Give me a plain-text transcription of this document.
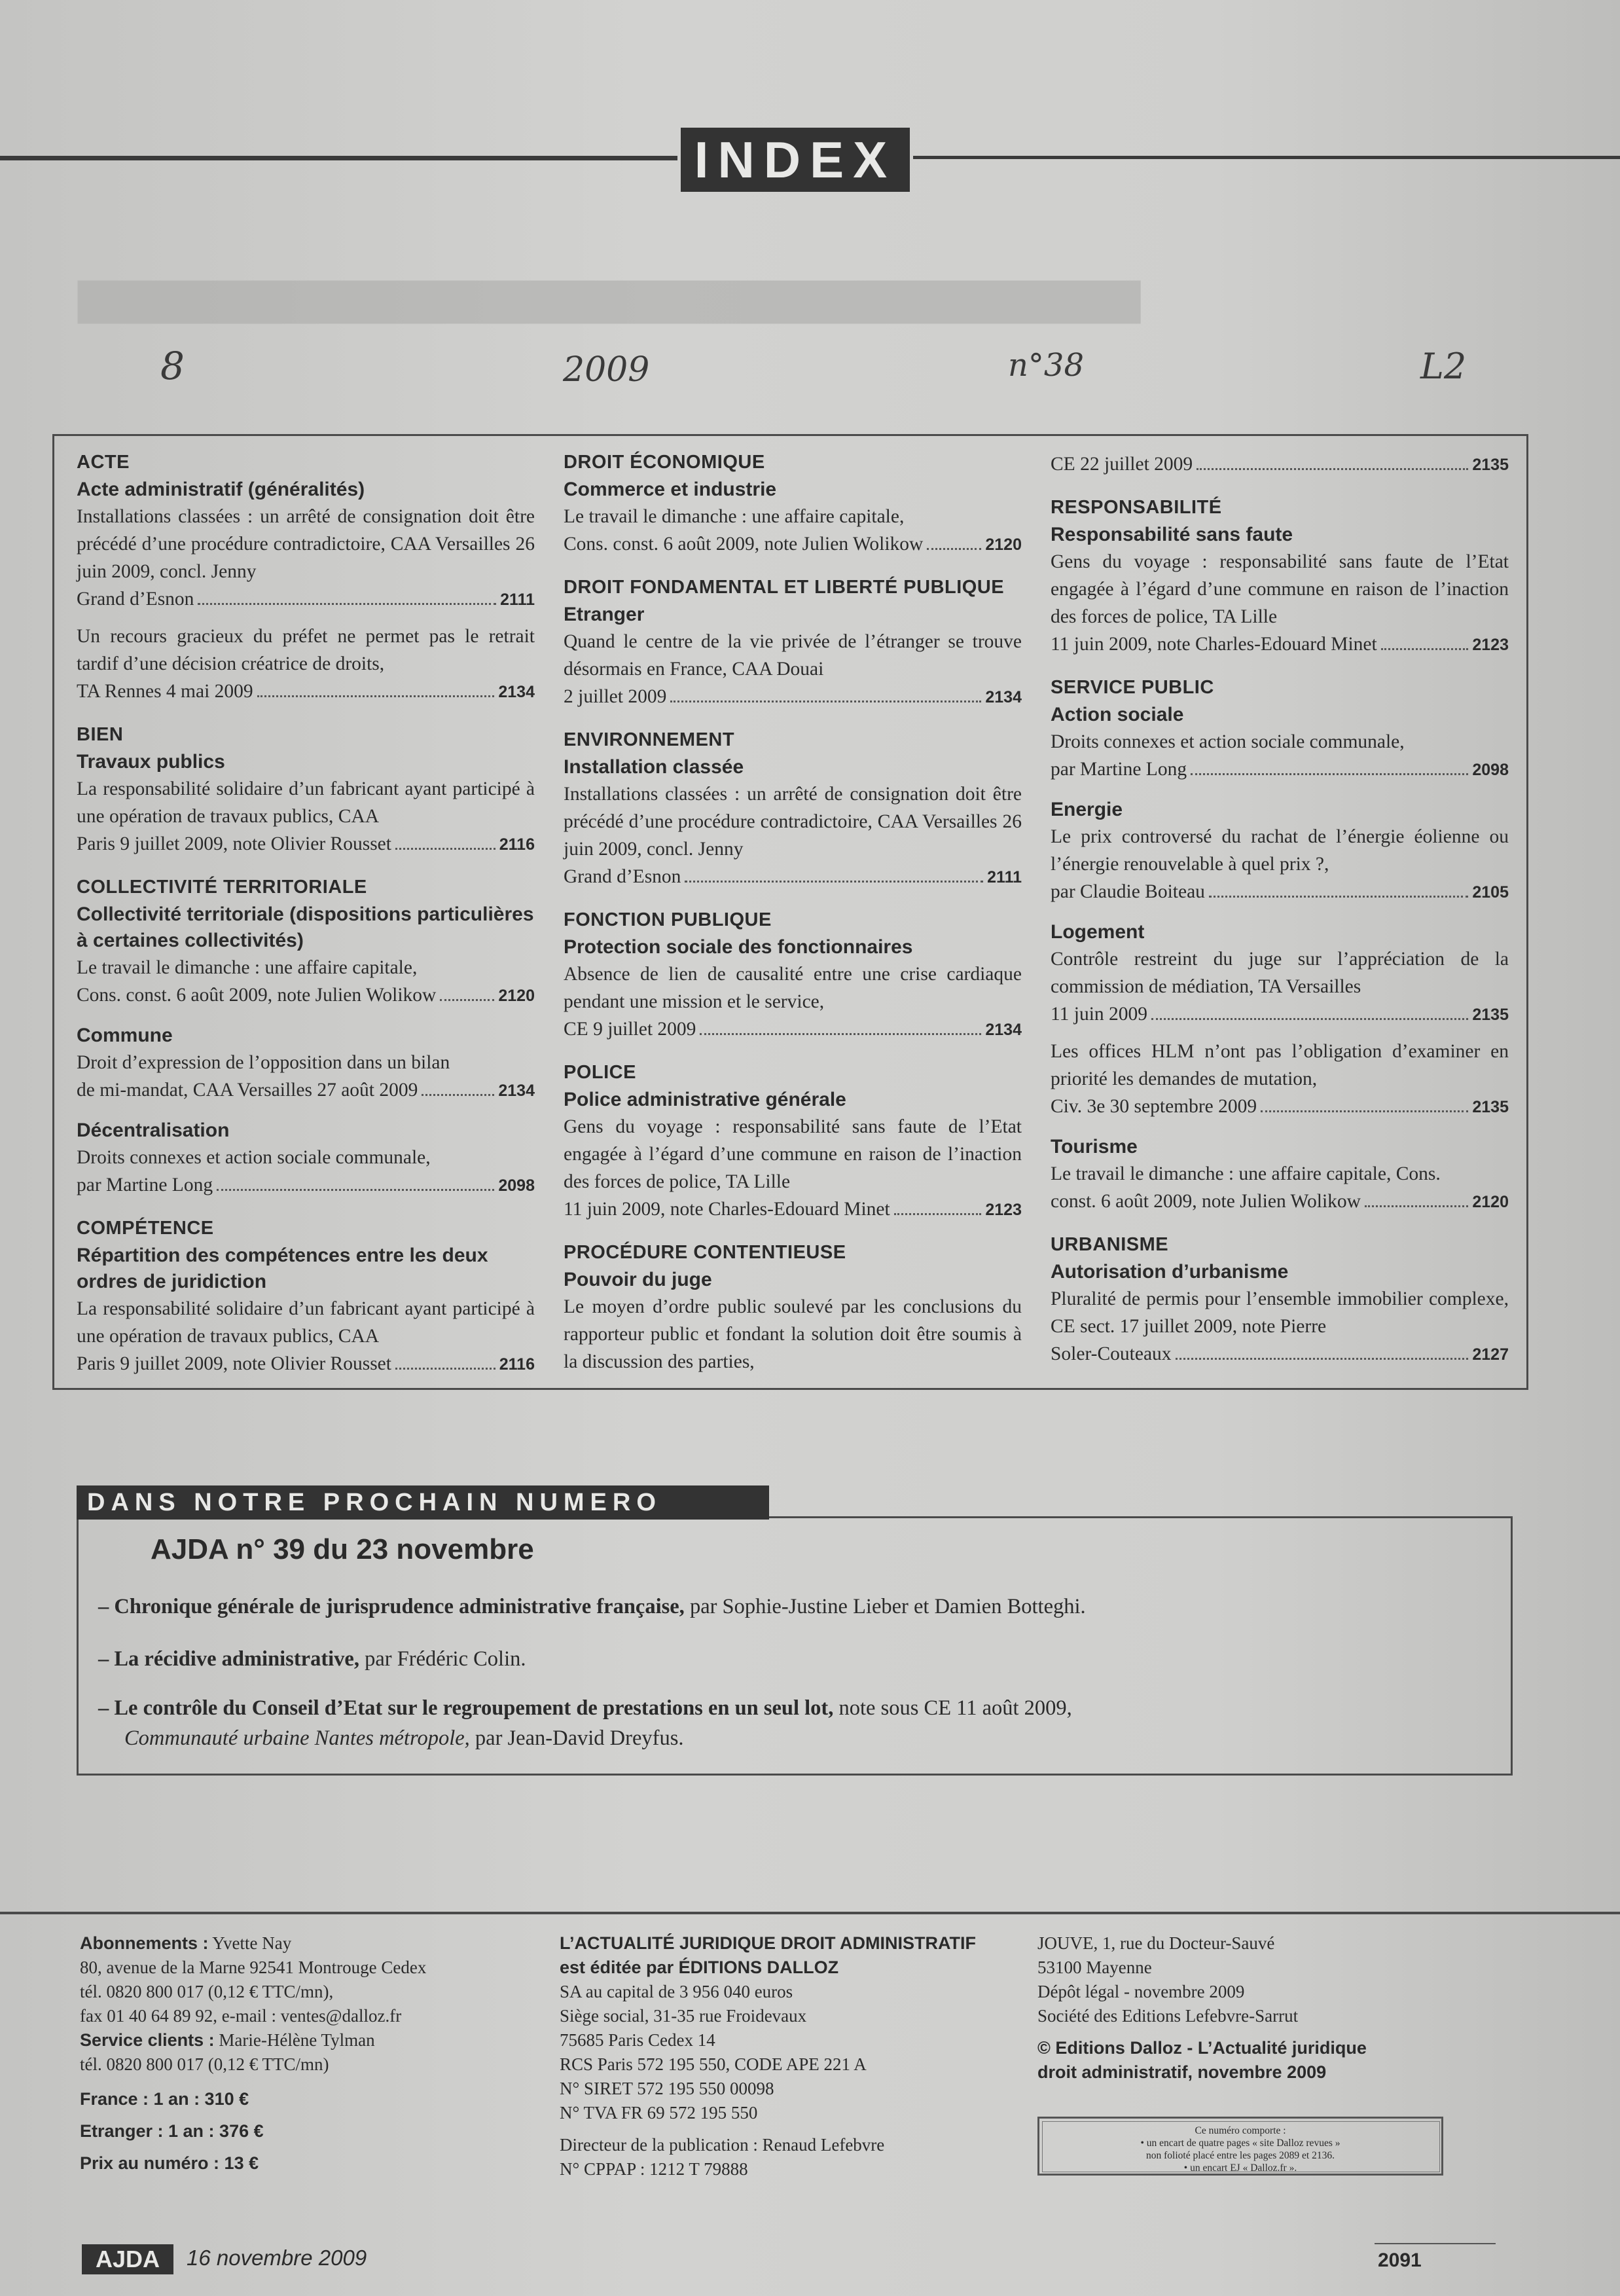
▇▇▇▇▇▇▇▇▇▇▇▇▇▇▇▇▇▇▇▇▇▇▇▇▇▇▇▇▇▇▇▇▇▇
INDEX
8	2009	n°38	L2
ACTE
Acte administratif (généralités)
Installations classées : un arrêté de consignation doit être précédé d’une procédure contradictoire, CAA Versailles 26 juin 2009, concl. Jenny
Grand d’Esnon	2111
Un recours gracieux du préfet ne permet pas le retrait tardif d’une décision créatrice de droits,
TA Rennes 4 mai 2009	2134
BIEN
Travaux publics
La responsabilité solidaire d’un fabricant ayant participé à une opération de travaux publics, CAA
Paris 9 juillet 2009, note Olivier Rousset	2116
COLLECTIVITÉ TERRITORIALE
Collectivité territoriale (dispositions particulières à certaines collectivités)
Le travail le dimanche : une affaire capitale,
Cons. const. 6 août 2009, note Julien Wolikow	2120
Commune
Droit d’expression de l’opposition dans un bilan
de mi-mandat, CAA Versailles 27 août 2009	2134
Décentralisation
Droits connexes et action sociale communale,
par Martine Long	2098
COMPÉTENCE
Répartition des compétences entre les deux ordres de juridiction
La responsabilité solidaire d’un fabricant ayant participé à une opération de travaux publics, CAA
Paris 9 juillet 2009, note Olivier Rousset	2116
DROIT ÉCONOMIQUE
Commerce et industrie
Le travail le dimanche : une affaire capitale,
Cons. const. 6 août 2009, note Julien Wolikow	2120
DROIT FONDAMENTAL ET LIBERTÉ PUBLIQUE
Etranger
Quand le centre de la vie privée de l’étranger se trouve désormais en France, CAA Douai
2 juillet 2009	2134
ENVIRONNEMENT
Installation classée
Installations classées : un arrêté de consignation doit être précédé d’une procédure contradictoire, CAA Versailles 26 juin 2009, concl. Jenny
Grand d’Esnon	2111
FONCTION PUBLIQUE
Protection sociale des fonctionnaires
Absence de lien de causalité entre une crise cardiaque pendant une mission et le service,
CE 9 juillet 2009	2134
POLICE
Police administrative générale
Gens du voyage : responsabilité sans faute de l’Etat engagée à l’égard d’une commune en raison de l’inaction des forces de police, TA Lille
11 juin 2009, note Charles-Edouard Minet	2123
PROCÉDURE CONTENTIEUSE
Pouvoir du juge
Le moyen d’ordre public soulevé par les conclusions du rapporteur public et fondant la solution doit être soumis à la discussion des parties,
CE 22 juillet 2009	2135
RESPONSABILITÉ
Responsabilité sans faute
Gens du voyage : responsabilité sans faute de l’Etat engagée à l’égard d’une commune en raison de l’inaction des forces de police, TA Lille
11 juin 2009, note Charles-Edouard Minet	2123
SERVICE PUBLIC
Action sociale
Droits connexes et action sociale communale,
par Martine Long	2098
Energie
Le prix controversé du rachat de l’énergie éolienne ou l’énergie renouvelable à quel prix ?,
par Claudie Boiteau	2105
Logement
Contrôle restreint du juge sur l’appréciation de la commission de médiation, TA Versailles
11 juin 2009	2135
Les offices HLM n’ont pas l’obligation d’examiner en priorité les demandes de mutation,
Civ. 3e 30 septembre 2009	2135
Tourisme
Le travail le dimanche : une affaire capitale, Cons.
const. 6 août 2009, note Julien Wolikow	2120
URBANISME
Autorisation d’urbanisme
Pluralité de permis pour l’ensemble immobilier complexe, CE sect. 17 juillet 2009, note Pierre
Soler-Couteaux	2127
DANS NOTRE PROCHAIN NUMERO
AJDA n° 39 du 23 novembre
– Chronique générale de jurisprudence administrative française, par Sophie-Justine Lieber et Damien Botteghi.
– La récidive administrative, par Frédéric Colin.
– Le contrôle du Conseil d’Etat sur le regroupement de prestations en un seul lot, note sous CE 11 août 2009,
Communauté urbaine Nantes métropole, par Jean-David Dreyfus.
Abonnements : Yvette Nay
80, avenue de la Marne 92541 Montrouge Cedex
tél. 0820 800 017 (0,12 € TTC/mn),
fax 01 40 64 89 92, e-mail : ventes@dalloz.fr
Service clients : Marie-Hélène Tylman
tél. 0820 800 017 (0,12 € TTC/mn)
France : 1 an : 310 €
Etranger : 1 an : 376 €
Prix au numéro : 13 €
L’ACTUALITÉ JURIDIQUE DROIT ADMINISTRATIF
est éditée par ÉDITIONS DALLOZ
SA au capital de 3 956 040 euros
Siège social, 31-35 rue Froidevaux
75685 Paris Cedex 14
RCS Paris 572 195 550, CODE APE 221 A
N° SIRET 572 195 550 00098
N° TVA FR 69 572 195 550
Directeur de la publication : Renaud Lefebvre
N° CPPAP : 1212 T 79888
JOUVE, 1, rue du Docteur-Sauvé
53100 Mayenne
Dépôt légal - novembre 2009
Société des Editions Lefebvre-Sarrut
© Editions Dalloz - L’Actualité juridique
droit administratif, novembre 2009
Ce numéro comporte :
• un encart de quatre pages « site Dalloz revues »
non folioté placé entre les pages 2089 et 2136.
• un encart EJ « Dalloz.fr ».
AJDA	16 novembre 2009	2091
